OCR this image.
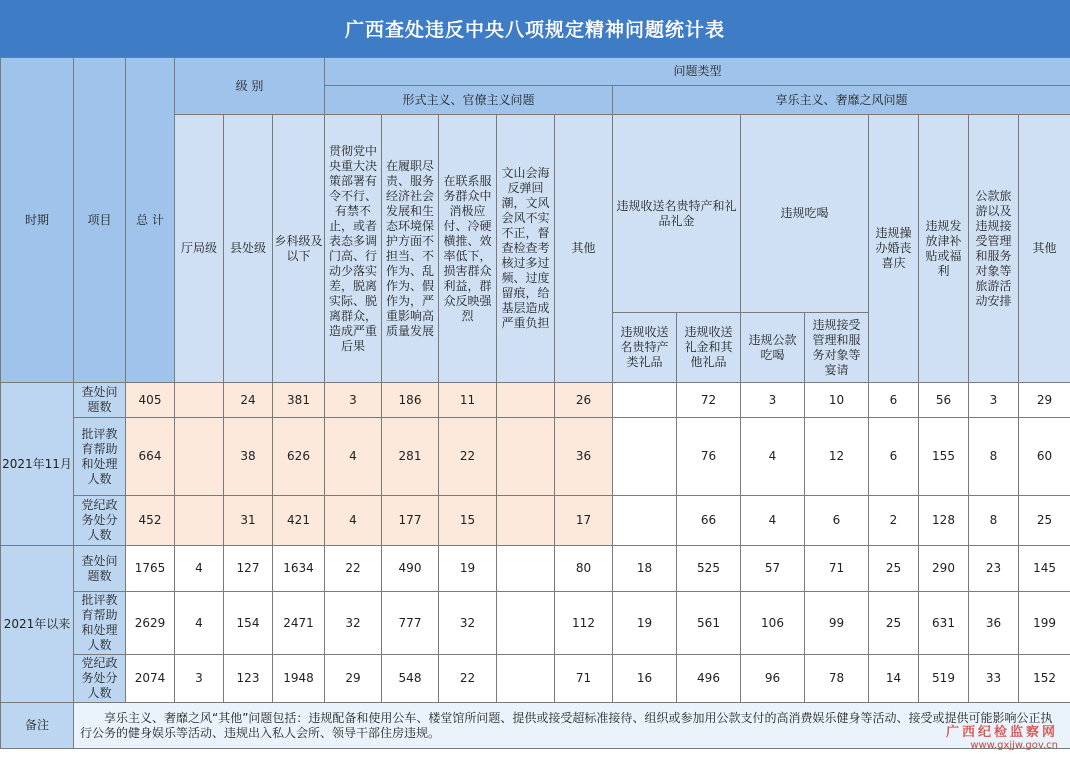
广西查处违反中央八项规定精神问题统计表
时期	项目	总 计	级 别			问题类型												
						形式主义、官僚主义问题					享乐主义、奢靡之风问题							
			厅局级	县处级	乡科级及以下	贯彻党中央重大决策部署有令不行、有禁不止，或者表态多调门高、行动少落实差，脱离实际、脱离群众，造成严重后果	在履职尽责、服务经济社会发展和生态环境保护方面不担当、不作为、乱作为、假作为，严重影响高质量发展	在联系服务群众中消极应付、冷硬横推、效率低下，损害群众利益，群众反映强烈	文山会海反弹回潮，文风会风不实不正，督查检查考核过多过频、过度留痕，给基层造成严重负担	其他	违规收送名贵特产和礼品礼金		违规吃喝		违规操办婚丧喜庆	违规发放津补贴或福利	公款旅游以及违规接受管理和服务对象等旅游活动安排	其他
											违规收送名贵特产类礼品	违规收送礼金和其他礼品	违规公款吃喝	违规接受管理和服务对象等宴请				
2021年11月	查处问题数	405		24	381	3	186	11		26		72	3	10	6	56	3	29
	批评教育帮助和处理人数	664		38	626	4	281	22		36		76	4	12	6	155	8	60
	党纪政务处分人数	452		31	421	4	177	15		17		66	4	6	2	128	8	25
2021年以来	查处问题数	1765	4	127	1634	22	490	19		80	18	525	57	71	25	290	23	145
	批评教育帮助和处理人数	2629	4	154	2471	32	777	32		112	19	561	106	99	25	631	36	199
	党纪政务处分人数	2074	3	123	1948	29	548	22		71	16	496	96	78	14	519	33	152
备注	享乐主义、奢靡之风“其他”问题包括：违规配备和使用公车、楼堂馆所问题、提供或接受超标准接待、组织或参加用公款支付的高消费娱乐健身等活动、接受或提供可能影响公正执行公务的健身娱乐等活动、违规出入私人会所、领导干部住房违规。																		广西纪检监察网
www.gxjjw.gov.cn
